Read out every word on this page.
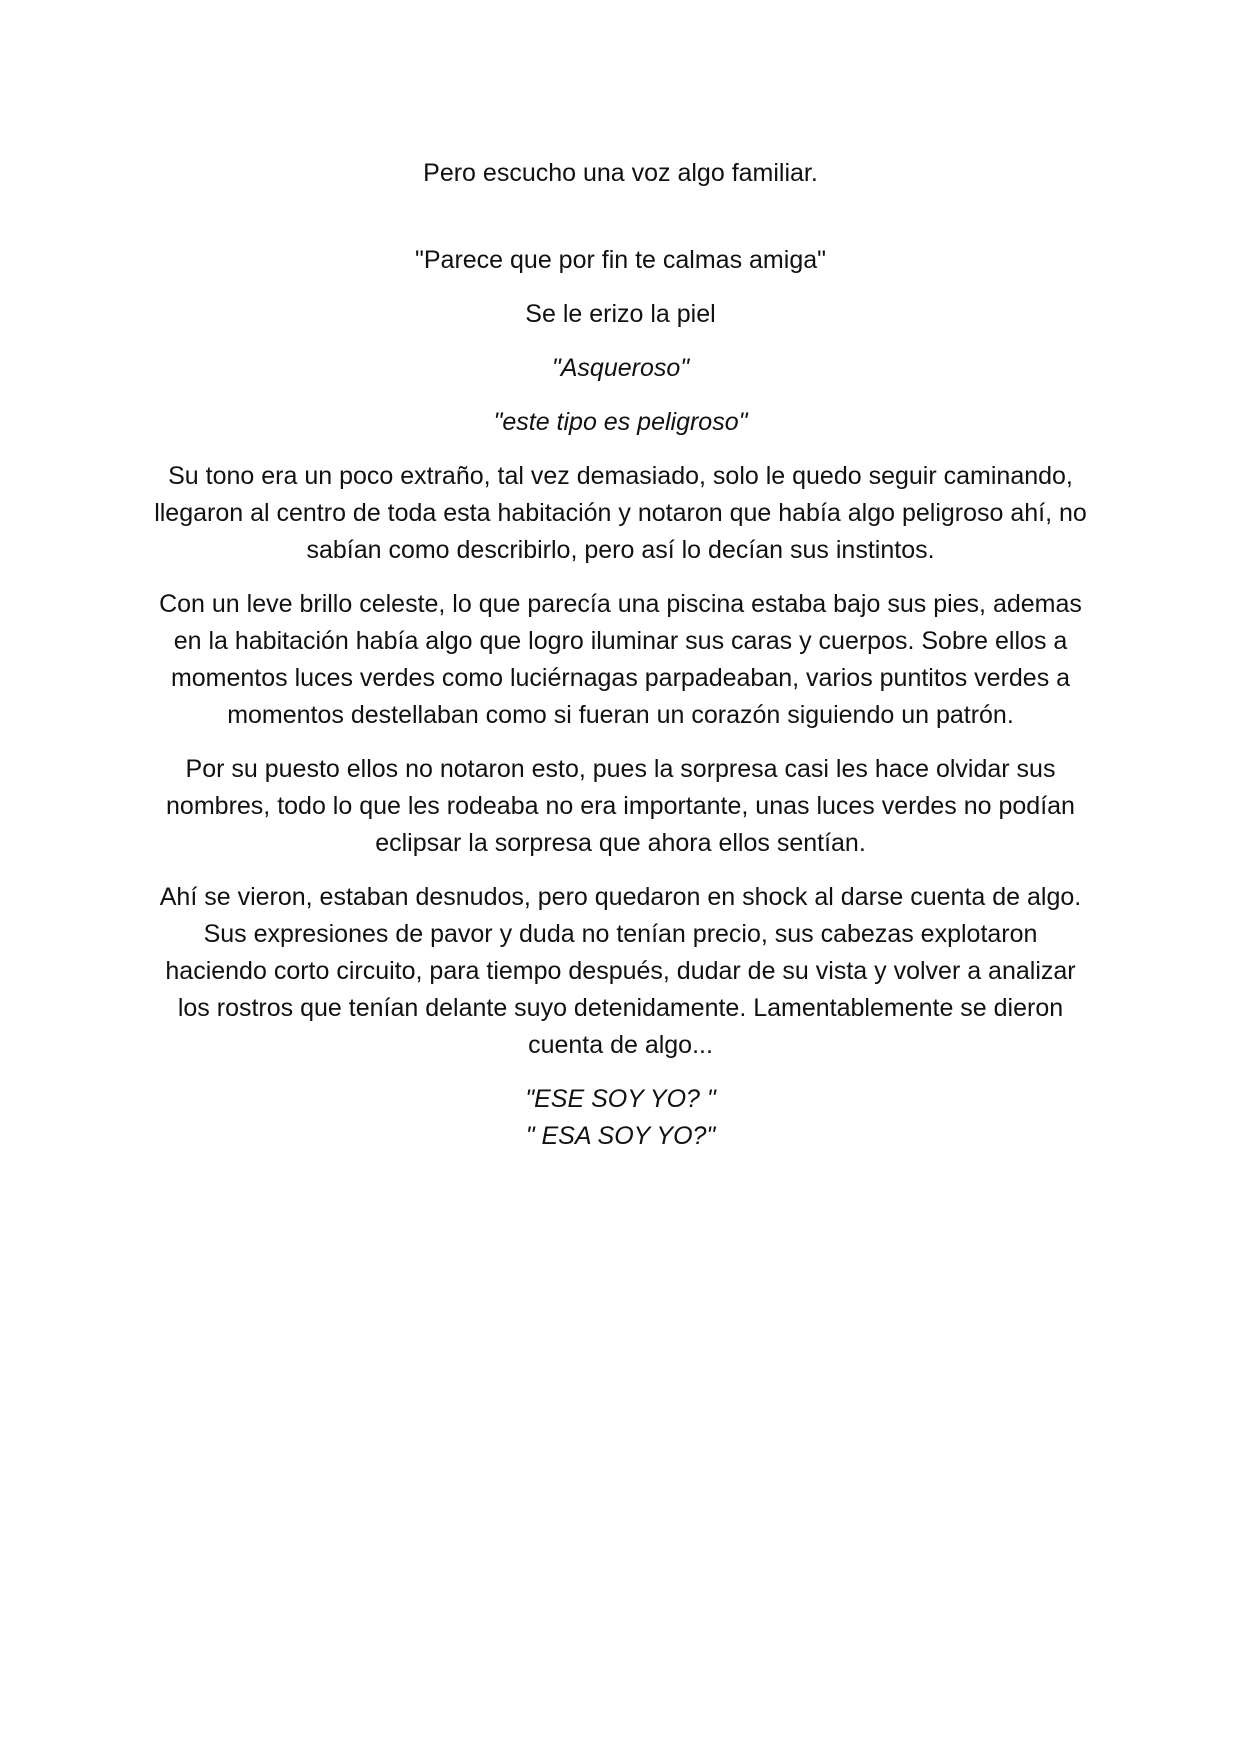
Pero escucho una voz algo familiar.

"Parece que por fin te calmas amiga"

Se le erizo la piel

"Asqueroso"

"este tipo es peligroso"

Su tono era un poco extraño, tal vez demasiado, solo le quedo seguir caminando, llegaron al centro de toda esta habitación y notaron que había algo peligroso ahí, no sabían como describirlo, pero así lo decían sus instintos.

Con un leve brillo celeste, lo que parecía una piscina estaba bajo sus pies, ademas en la habitación había algo que logro iluminar sus caras y cuerpos. Sobre ellos a momentos luces verdes como luciérnagas parpadeaban, varios puntitos verdes a momentos destellaban como si fueran un corazón siguiendo un patrón.

Por su puesto ellos no notaron esto, pues la sorpresa casi les hace olvidar sus nombres, todo lo que les rodeaba no era importante, unas luces verdes no podían eclipsar la sorpresa que ahora ellos sentían.

Ahí se vieron, estaban desnudos, pero quedaron en shock al darse cuenta de algo. Sus expresiones de pavor y duda no tenían precio, sus cabezas explotaron haciendo corto circuito, para tiempo después, dudar de su vista y volver a analizar los rostros que tenían delante suyo detenidamente. Lamentablemente se dieron cuenta de algo...

"ESE SOY YO? "

" ESA SOY YO?"
